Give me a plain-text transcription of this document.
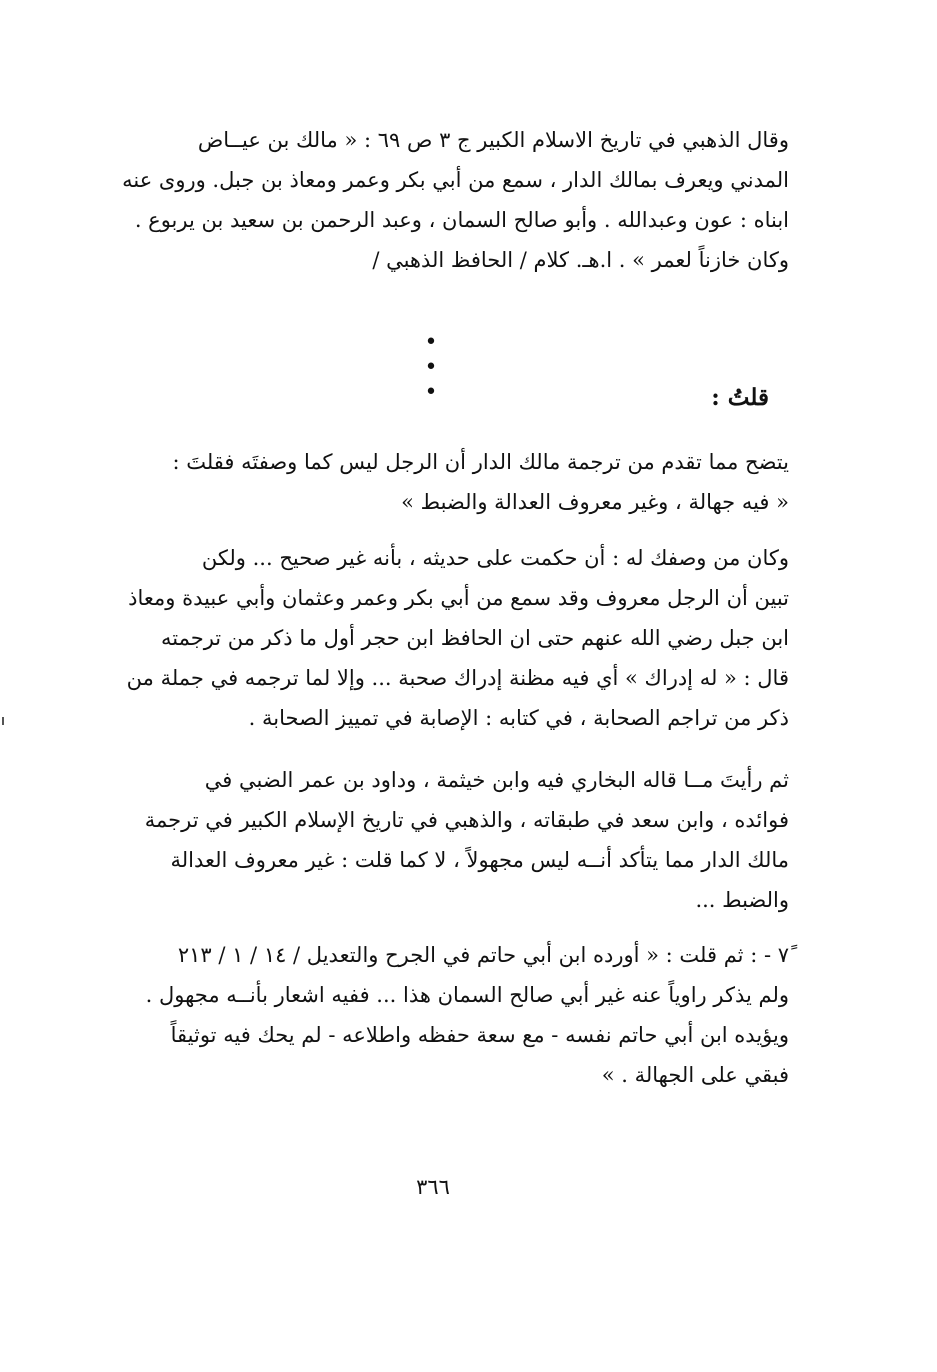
وقال الذهبي في تاريخ الاسلام الكبير ج ٣ ص ٦٩ : « مالك بن عيــاض
المدني ويعرف بمالك الدار ، سمع من أبي بكر وعمر ومعاذ بن جبل. وروى عنه
ابناه : عون وعبدالله . وأبو صالح السمان ، وعبد الرحمن بن سعيد بن يربوع .
وكان خازناً لعمر » . ا.هـ. كلام / الحافظ الذهبي /
• • •	قلتُ :
يتضح مما تقدم من ترجمة مالك الدار أن الرجل ليس كما وصفتَه فقلتَ :
« فيه جهالة ، وغير معروف العدالة والضبط »
وكان من وصفك له : أن حكمت على حديثه ، بأنه غير صحيح ... ولكن
تبين أن الرجل معروف وقد سمع من أبي بكر وعمر وعثمان وأبي عبيدة ومعاذ
ابن جبل رضي الله عنهم حتى ان الحافظ ابن حجر أول ما ذكر من ترجمته
قال : « له إدراك » أي فيه مظنة إدراك صحبة ... وإلا لما ترجمه في جملة من
ذكر من تراجم الصحابة ، في كتابه : الإصابة في تمييز الصحابة .
ثم رأيتَ مــا قاله البخاري فيه وابن خيثمة ، وداود بن عمر الضبي في
فوائده ، وابن سعد في طبقاته ، والذهبي في تاريخ الإسلام الكبير في ترجمة
مالك الدار مما يتأكد أنــه ليس مجهولاً ، لا كما قلت : غير معروف العدالة
والضبط ...
٧ً - : ثم قلت : « أورده ابن أبي حاتم في الجرح والتعديل / ١٤ / ١ / ٢١٣
ولم يذكر راوياً عنه غير أبي صالح السمان هذا ... ففيه اشعار بأنــه مجهول .
ويؤيده ابن أبي حاتم نفسه - مع سعة حفظه واطلاعه - لم يحك فيه توثيقاً
فبقي على الجهالة . »
٣٦٦
